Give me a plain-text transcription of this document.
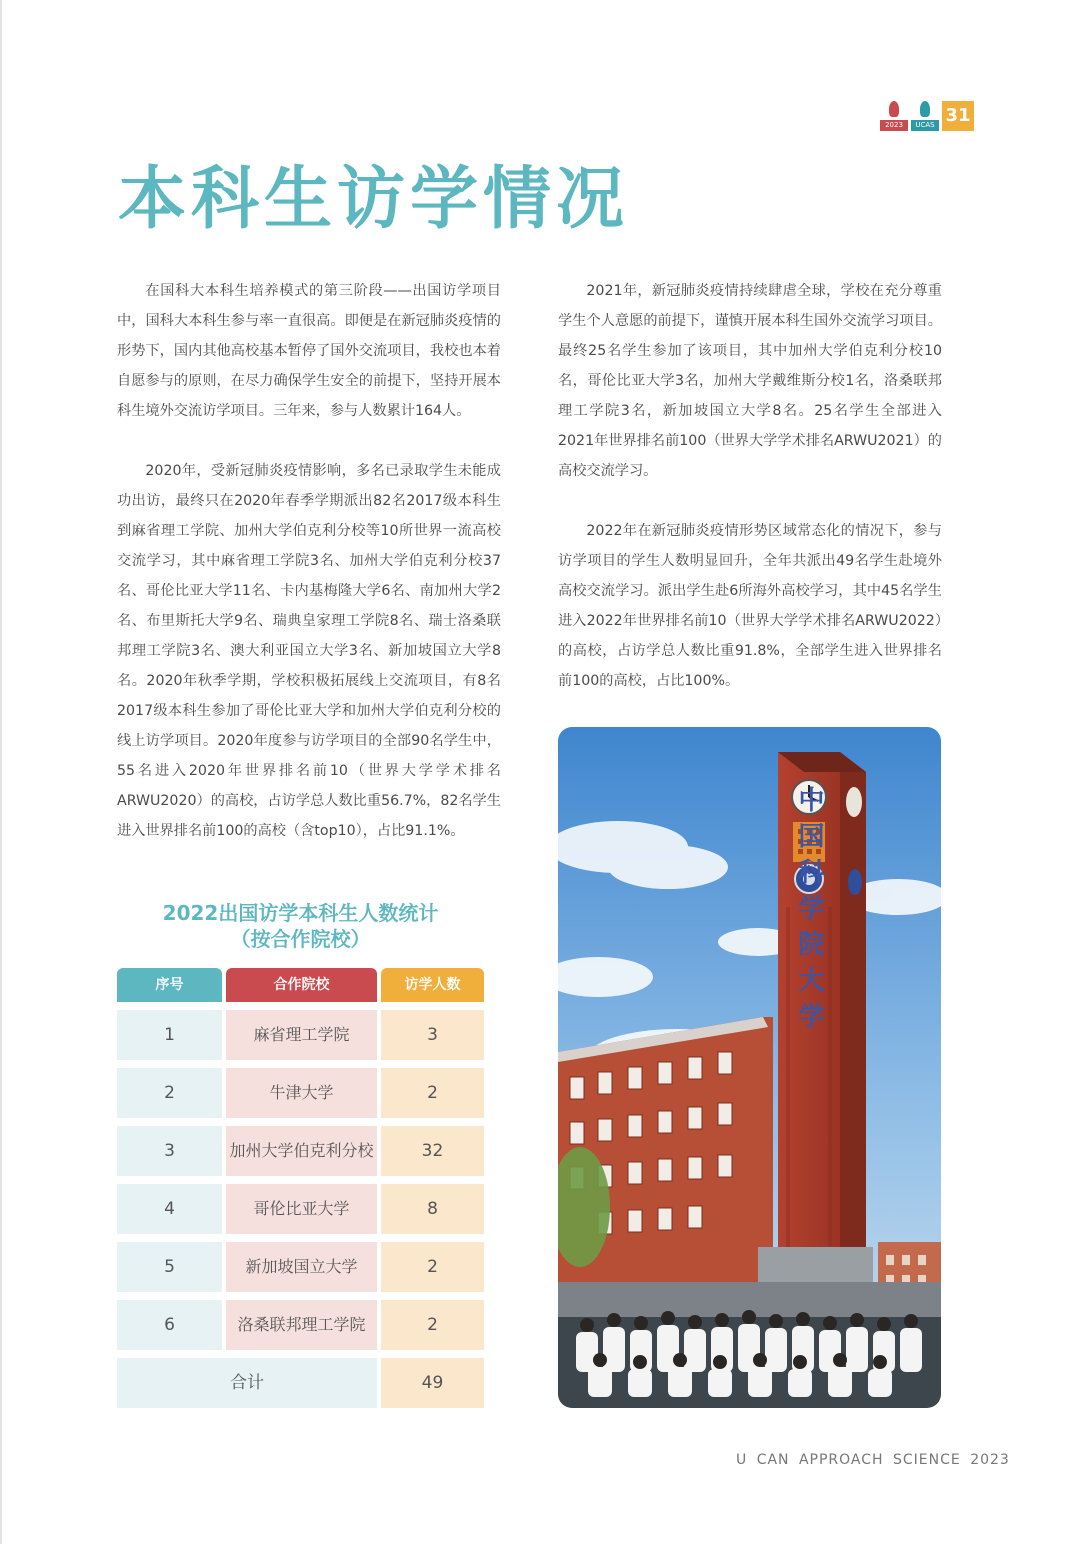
2023	UCAS 31
本科生访学情况

在国科大本科生培养模式的第三阶段——出国访学项目中，国科大本科生参与率一直很高。即便是在新冠肺炎疫情的形势下，国内其他高校基本暂停了国外交流项目，我校也本着自愿参与的原则，在尽力确保学生安全的前提下，坚持开展本科生境外交流访学项目。三年来，参与人数累计164人。

2020年，受新冠肺炎疫情影响，多名已录取学生未能成功出访，最终只在2020年春季学期派出82名2017级本科生到麻省理工学院、加州大学伯克利分校等10所世界一流高校交流学习，其中麻省理工学院3名、加州大学伯克利分校37名、哥伦比亚大学11名、卡内基梅隆大学6名、南加州大学2名、布里斯托大学9名、瑞典皇家理工学院8名、瑞士洛桑联邦理工学院3名、澳大利亚国立大学3名、新加坡国立大学8名。2020年秋季学期，学校积极拓展线上交流项目，有8名2017级本科生参加了哥伦比亚大学和加州大学伯克利分校的线上访学项目。2020年度参与访学项目的全部90名学生中，55名进入2020年世界排名前10（世界大学学术排名ARWU2020）的高校，占访学总人数比重56.7%，82名学生进入世界排名前100的高校（含top10），占比91.1%。

2021年，新冠肺炎疫情持续肆虐全球，学校在充分尊重学生个人意愿的前提下，谨慎开展本科生国外交流学习项目。最终25名学生参加了该项目，其中加州大学伯克利分校10名，哥伦比亚大学3名，加州大学戴维斯分校1名，洛桑联邦理工学院3名，新加坡国立大学8名。25名学生全部进入2021年世界排名前100（世界大学学术排名ARWU2021）的高校交流学习。

2022年在新冠肺炎疫情形势区域常态化的情况下，参与访学项目的学生人数明显回升，全年共派出49名学生赴境外高校交流学习。派出学生赴6所海外高校学习，其中45名学生进入2022年世界排名前10（世界大学学术排名ARWU2022）的高校，占访学总人数比重91.8%，全部学生进入世界排名前100的高校，占比100%。

2022出国访学本科生人数统计
（按合作院校）
序号	合作院校	访学人数
1	麻省理工学院	3
2	牛津大学	2
3	加州大学伯克利分校	32
4	哥伦比亚大学	8
5	新加坡国立大学	2
6	洛桑联邦理工学院	2
合计	49
中国科学院大学
U CAN APPROACH SCIENCE 2023
